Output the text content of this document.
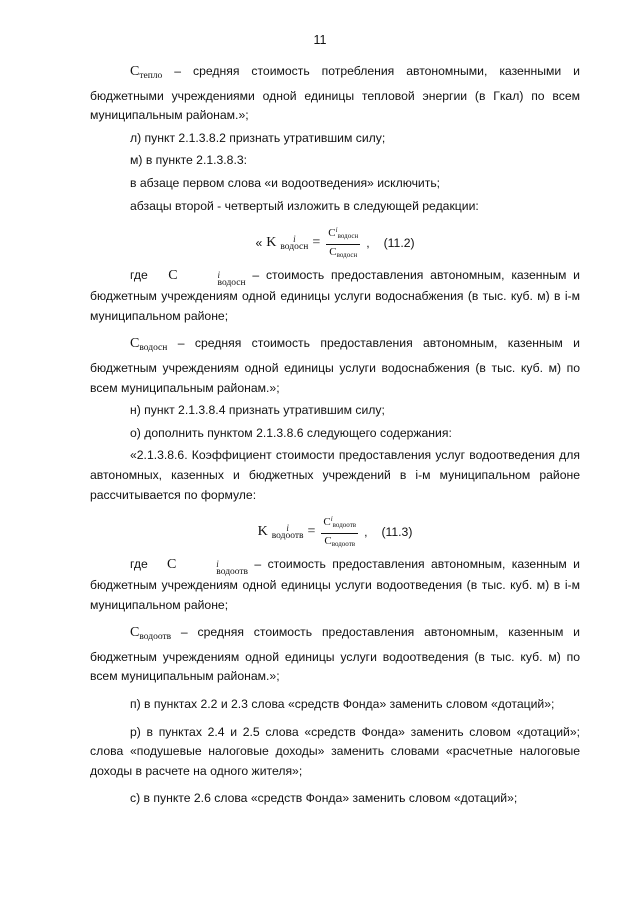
11

$C_{тепло}$ – средняя стоимость потребления автономными, казенными и бюджетными учреждениями одной единицы тепловой энергии (в Гкал) по всем муниципальным районам.»;

л) пункт 2.1.3.8.2 признать утратившим силу;

м) в пункте 2.1.3.8.3:

в абзаце первом слова «и водоотведения» исключить;

абзацы второй - четвертый изложить в следующей редакции:

« K	i
водосн = $\frac{C^iводосн}{\text{Cводосн}}$ , (11.2)

где C	i
водосн
– стоимость предоставления автономным, казенным и бюджетным учреждениям одной единицы услуги водоснабжения (в тыс. куб. м) в i-м муниципальном районе;

$C_{водосн}$ – средняя стоимость предоставления автономным, казенным и бюджетным учреждениям одной единицы услуги водоснабжения (в тыс. куб. м) по всем муниципальным районам.»;

н) пункт 2.1.3.8.4 признать утратившим силу;

о) дополнить пунктом 2.1.3.8.6 следующего содержания:

«2.1.3.8.6. Коэффициент стоимости предоставления услуг водоотведения для автономных, казенных и бюджетных учреждений в i-м муниципальном районе рассчитывается по формуле:

K	i
водоотв = $\frac{C^iводоотв}{\text{Cводоотв}}$ , (11.3)

где C	i
водоотв
– стоимость предоставления автономным, казенным и бюджетным учреждениям одной единицы услуги водоотведения (в тыс. куб. м) в i-м муниципальном районе;

$C_{водоотв}$ – средняя стоимость предоставления автономным, казенным и бюджетным учреждениям одной единицы услуги водоотведения (в тыс. куб. м) по всем муниципальным районам.»;

п) в пунктах 2.2 и 2.3 слова «средств Фонда» заменить словом «дотаций»;

р) в пунктах 2.4 и 2.5 слова «средств Фонда» заменить словом «дотаций»; слова «подушевые налоговые доходы» заменить словами «расчетные налоговые доходы в расчете на одного жителя»;

с) в пункте 2.6 слова «средств Фонда» заменить словом «дотаций»;
